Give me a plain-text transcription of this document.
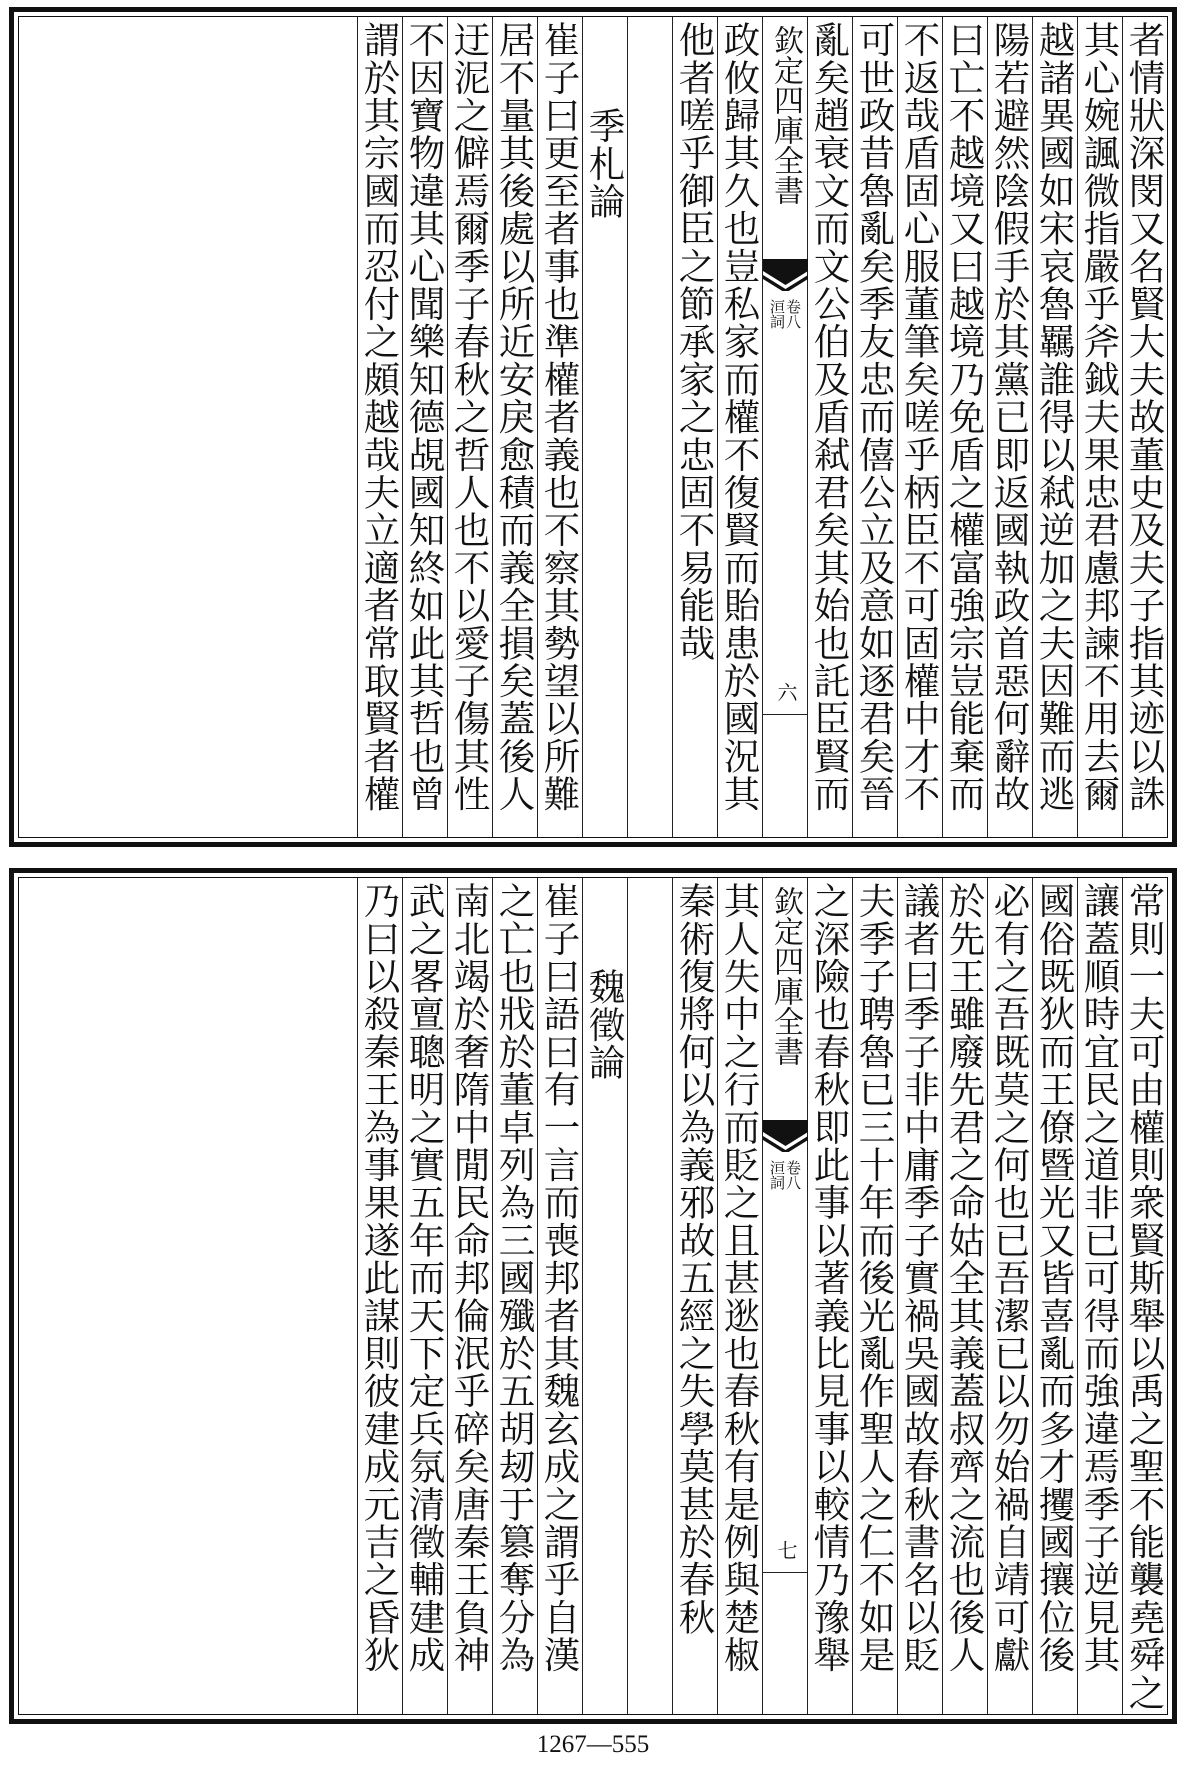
者情狀深閔又名賢大夫故董史及夫子指其迹以誅
其心婉諷微指嚴乎斧鉞夫果忠君慮邦諫不用去爾
越諸異國如宋哀魯羈誰得以弒逆加之夫因難而逃
陽若避然陰假手於其黨已即返國執政首惡何辭故
曰亡不越境又曰越境乃免盾之權富強宗豈能棄而
不返哉盾固心服董筆矣嗟乎柄臣不可固權中才不
可世政昔魯亂矣季友忠而僖公立及意如逐君矣晉
亂矣趙衰文而文公伯及盾弒君矣其始也託臣賢而
欽定四庫全書
洹詞
卷八
六
政攸歸其久也豈私家而權不復賢而貽患於國況其
他者嗟乎御臣之節承家之忠固不易能哉
季札論
崔子曰更至者事也準權者義也不察其勢望以所難
居不量其後處以所近安戾愈積而義全損矣蓋後人
迂泥之僻焉爾季子春秋之哲人也不以愛子傷其性
不因寶物違其心聞樂知德覘國知終如此其哲也曾
謂於其宗國而忍付之頗越哉夫立適者常取賢者權
常則一夫可由權則衆賢斯舉以禹之聖不能襲堯舜之
讓蓋順時宜民之道非已可得而強違焉季子逆見其
國俗既狄而王僚暨光又皆喜亂而多才攫國攘位後
必有之吾既莫之何也已吾潔已以勿始禍自靖可獻
於先王雖廢先君之命姑全其義蓋叔齊之流也後人
議者曰季子非中庸季子實禍吳國故春秋書名以貶
夫季子聘魯已三十年而後光亂作聖人之仁不如是
之深險也春秋即此事以著義比見事以較情乃豫舉
欽定四庫全書
洹詞
卷八
七
其人失中之行而貶之且甚逖也春秋有是例與楚椒
秦術復將何以為義邪故五經之失學莫甚於春秋
魏徵論
崔子曰語曰有一言而喪邦者其魏玄成之謂乎自漢
之亡也戕於董卓列為三國殲於五胡刼于篡奪分為
南北竭於奢隋中閒民命邦倫泯乎碎矣唐秦王負神
武之畧亶聰明之實五年而天下定兵氛清徵輔建成
乃曰以殺秦王為事果遂此謀則彼建成元吉之昏狄
1267—555
